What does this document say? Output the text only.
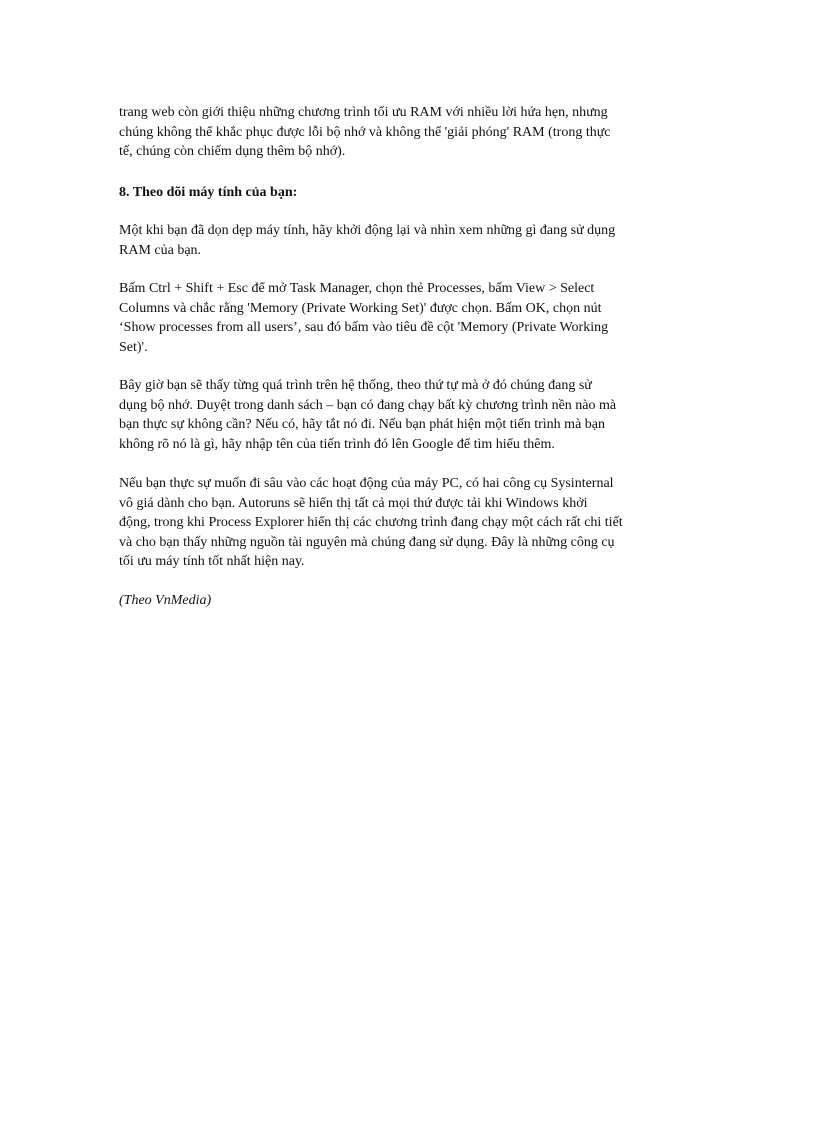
trang web còn giới thiệu những chương trình tối ưu RAM với nhiều lời hứa hẹn, nhưng
chúng không thể khắc phục được lỗi bộ nhớ và không thể 'giải phóng' RAM (trong thực
tế, chúng còn chiếm dụng thêm bộ nhớ).
8. Theo dõi máy tính của bạn:
Một khi bạn đã dọn dẹp máy tính, hãy khởi động lại và nhìn xem những gì đang sử dụng
RAM của bạn.
Bấm Ctrl + Shift + Esc để mở Task Manager, chọn thẻ Processes, bấm View > Select
Columns và chắc rằng 'Memory (Private Working Set)' được chọn. Bấm OK, chọn nút
‘Show processes from all users’, sau đó bấm vào tiêu đề cột 'Memory (Private Working
Set)'.
Bây giờ bạn sẽ thấy từng quá trình trên hệ thống, theo thứ tự mà ở đó chúng đang sử
dụng bộ nhớ. Duyệt trong danh sách – bạn có đang chạy bất kỳ chương trình nền nào mà
bạn thực sự không cần? Nếu có, hãy tắt nó đi. Nếu bạn phát hiện một tiến trình mà bạn
không rõ nó là gì, hãy nhập tên của tiến trình đó lên Google để tìm hiểu thêm.
Nếu bạn thực sự muốn đi sâu vào các hoạt động của máy PC, có hai công cụ Sysinternal
vô giá dành cho bạn. Autoruns sẽ hiển thị tất cả mọi thứ được tải khi Windows khởi
động, trong khi Process Explorer hiển thị các chương trình đang chạy một cách rất chi tiết
và cho bạn thấy những nguồn tài nguyên mà chúng đang sử dụng. Đây là những công cụ
tối ưu máy tính tốt nhất hiện nay.
(Theo VnMedia)
